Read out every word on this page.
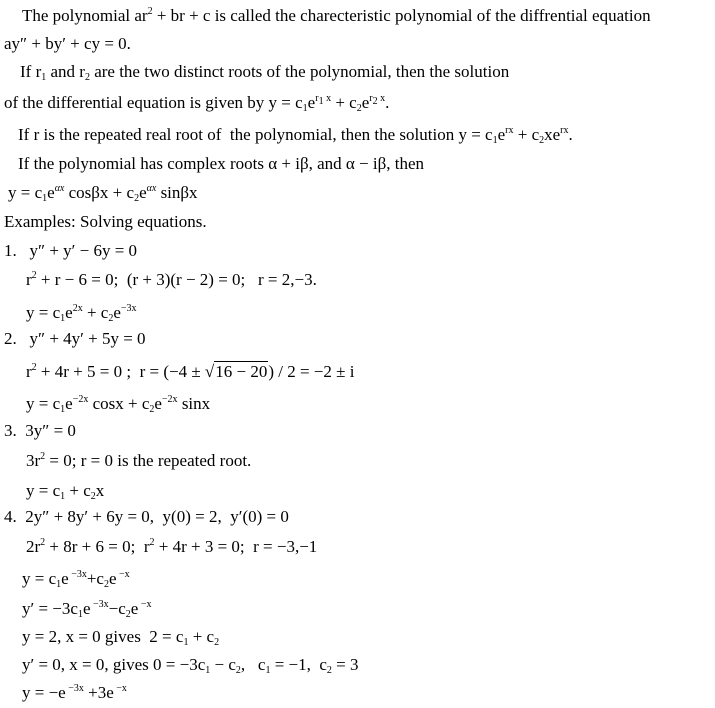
The polynomial $ar^2$ + br + c is called the charecteristic polynomial of the diffrential equation
ay″ + by′ + cy = 0.
If $r_1$ and $r_2$ are the two distinct roots of the polynomial, then the solution
of the differential equation is given by $y = c_1e^{r_1 x} + c_2e^{r_2 x}$.
If r is the repeated real root of  the polynomial, then the solution $y = c_1e^{rx} + c_2xe^{rx}$.
If the polynomial has complex roots α + iβ, and α − iβ, then
$y = c_1e^{\alpha x}$ $\cos\beta x + c_2e^{\alpha x}$ sinβx
Examples: Solving equations.
1.   y″ + y′ − 6y = 0
$r^2 + r - 6 = 0$;  (r + 3)(r − 2) = 0;   r = 2,−3.
$y = c_1e^{2x} + c_2e^{-3x}$
2.   y″ + 4y′ + 5y = 0
$r^2 + 4r + 5 = 0$ ;  r = (−4 ± √16 − 20) / 2 = −2 ± i
$y = c_1e^{-2x}$ $\cos x + c_2e^{-2x}$ sinx
3.  3y″ = 0
$3r^2 = 0$; r = 0 is the repeated root.
$y = c_1 + c_2x$
4.  2y″ + 8y′ + 6y = 0,  y(0) = 2,  y′(0) = 0
$2r^2 + 8r + 6 = 0$;  $r^2 + 4r + 3 = 0$;  r = −3,−1
$y = c_1e$ $^{-3x}+c_2e$ $^{-x}$
$y' = -3c_1e$ $^{-3x}-c_2e$ $^{-x}$
y = 2, x = 0 gives  $2 = c_1 + c_2$
y′ = 0, x = 0, gives $0 = -3c_1 - c_2$,   $c_1 = -1$,  $c_2 = 3$
y = −e $^{-3x}$ +3e $^{-x}$
